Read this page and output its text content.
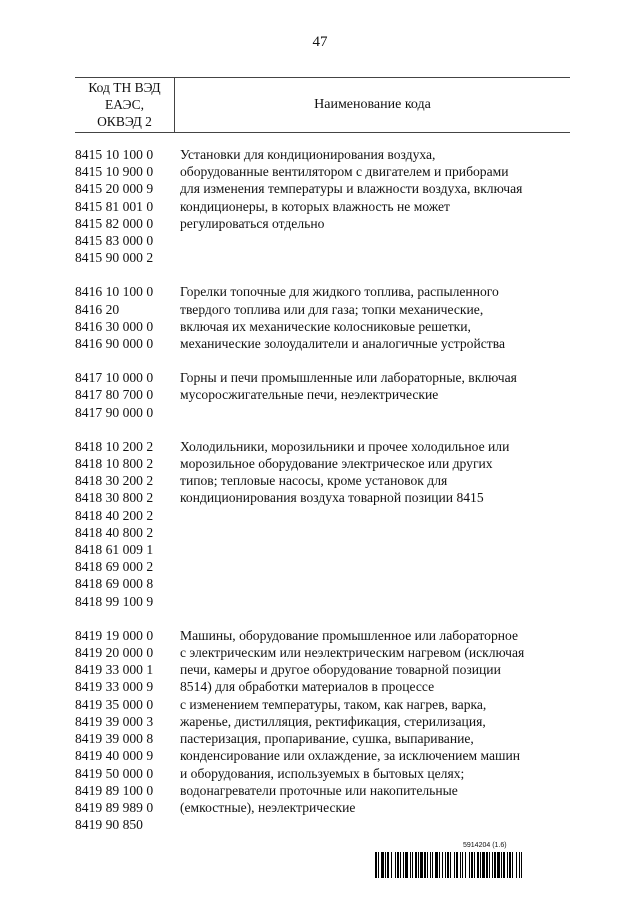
47
Код ТН ВЭД
ЕАЭС,
ОКВЭД 2
Наименование кода
8415 10 100 0
8415 10 900 0
8415 20 000 9
8415 81 001 0
8415 82 000 0
8415 83 000 0
8415 90 000 2
Установки для кондиционирования воздуха,
оборудованные вентилятором с двигателем и приборами
для изменения температуры и влажности воздуха, включая
кондиционеры, в которых влажность не может
регулироваться отдельно
8416 10 100 0
8416 20
8416 30 000 0
8416 90 000 0
Горелки топочные для жидкого топлива, распыленного
твердого топлива или для газа; топки механические,
включая их механические колосниковые решетки,
механические золоудалители и аналогичные устройства
8417 10 000 0
8417 80 700 0
8417 90 000 0
Горны и печи промышленные или лабораторные, включая
мусоросжигательные печи, неэлектрические
8418 10 200 2
8418 10 800 2
8418 30 200 2
8418 30 800 2
8418 40 200 2
8418 40 800 2
8418 61 009 1
8418 69 000 2
8418 69 000 8
8418 99 100 9
Холодильники, морозильники и прочее холодильное или
морозильное оборудование электрическое или других
типов; тепловые насосы, кроме установок для
кондиционирования воздуха товарной позиции 8415
8419 19 000 0
8419 20 000 0
8419 33 000 1
8419 33 000 9
8419 35 000 0
8419 39 000 3
8419 39 000 8
8419 40 000 9
8419 50 000 0
8419 89 100 0
8419 89 989 0
8419 90 850
Машины, оборудование промышленное или лабораторное
с электрическим или неэлектрическим нагревом (исключая
печи, камеры и другое оборудование товарной позиции
8514) для обработки материалов в процессе
с изменением температуры, таком, как нагрев, варка,
жаренье, дистилляция, ректификация, стерилизация,
пастеризация, пропаривание, сушка, выпаривание,
конденсирование или охлаждение, за исключением машин
и оборудования, используемых в бытовых целях;
водонагреватели проточные или накопительные
(емкостные), неэлектрические
5914204 (1.6)
